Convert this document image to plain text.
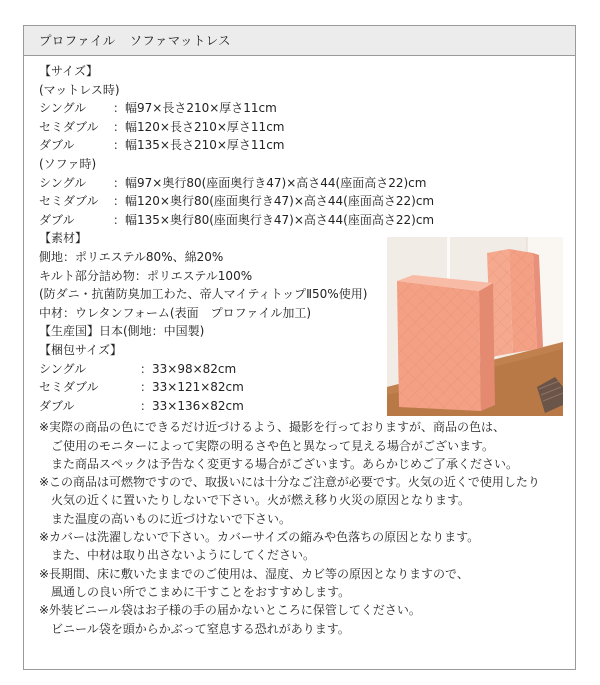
プロファイル ソファマットレス
【サイズ】
(マットレス時)
シングル	：幅97×長さ210×厚さ11cm
セミダブル	：幅120×長さ210×厚さ11cm
ダブル	：幅135×長さ210×厚さ11cm
(ソファ時)
シングル	：幅97×奥行80(座面奥行き47)×高さ44(座面高さ22)cm
セミダブル	：幅120×奥行80(座面奥行き47)×高さ44(座面高さ22)cm
ダブル	：幅135×奥行80(座面奥行き47)×高さ44(座面高さ22)cm
【素材】
側地：ポリエステル80%、綿20%
キルト部分詰め物：ポリエステル100%
(防ダニ・抗菌防臭加工わた、帝人マイティトップⅡ50%使用)
中材：ウレタンフォーム(表面　プロファイル加工)
【生産国】日本(側地：中国製)
【梱包サイズ】
シングル	：33×98×82cm
セミダブル	：33×121×82cm
ダブル	：33×136×82cm
※実際の商品の色にできるだけ近づけるよう、撮影を行っておりますが、商品の色は、
ご使用のモニターによって実際の明るさや色と異なって見える場合がございます。
また商品スペックは予告なく変更する場合がございます。あらかじめご了承ください。
※この商品は可燃物ですので、取扱いには十分なご注意が必要です。火気の近くで使用したり
火気の近くに置いたりしないで下さい。火が燃え移り火災の原因となります。
また温度の高いものに近づけないで下さい。
※カバーは洗濯しないで下さい。カバーサイズの縮みや色落ちの原因となります。
また、中材は取り出さないようにしてください。
※長期間、床に敷いたままでのご使用は、湿度、カビ等の原因となりますので、
風通しの良い所でこまめに干すことをおすすめします。
※外装ビニール袋はお子様の手の届かないところに保管してください。
ビニール袋を頭からかぶって窒息する恐れがあります。
